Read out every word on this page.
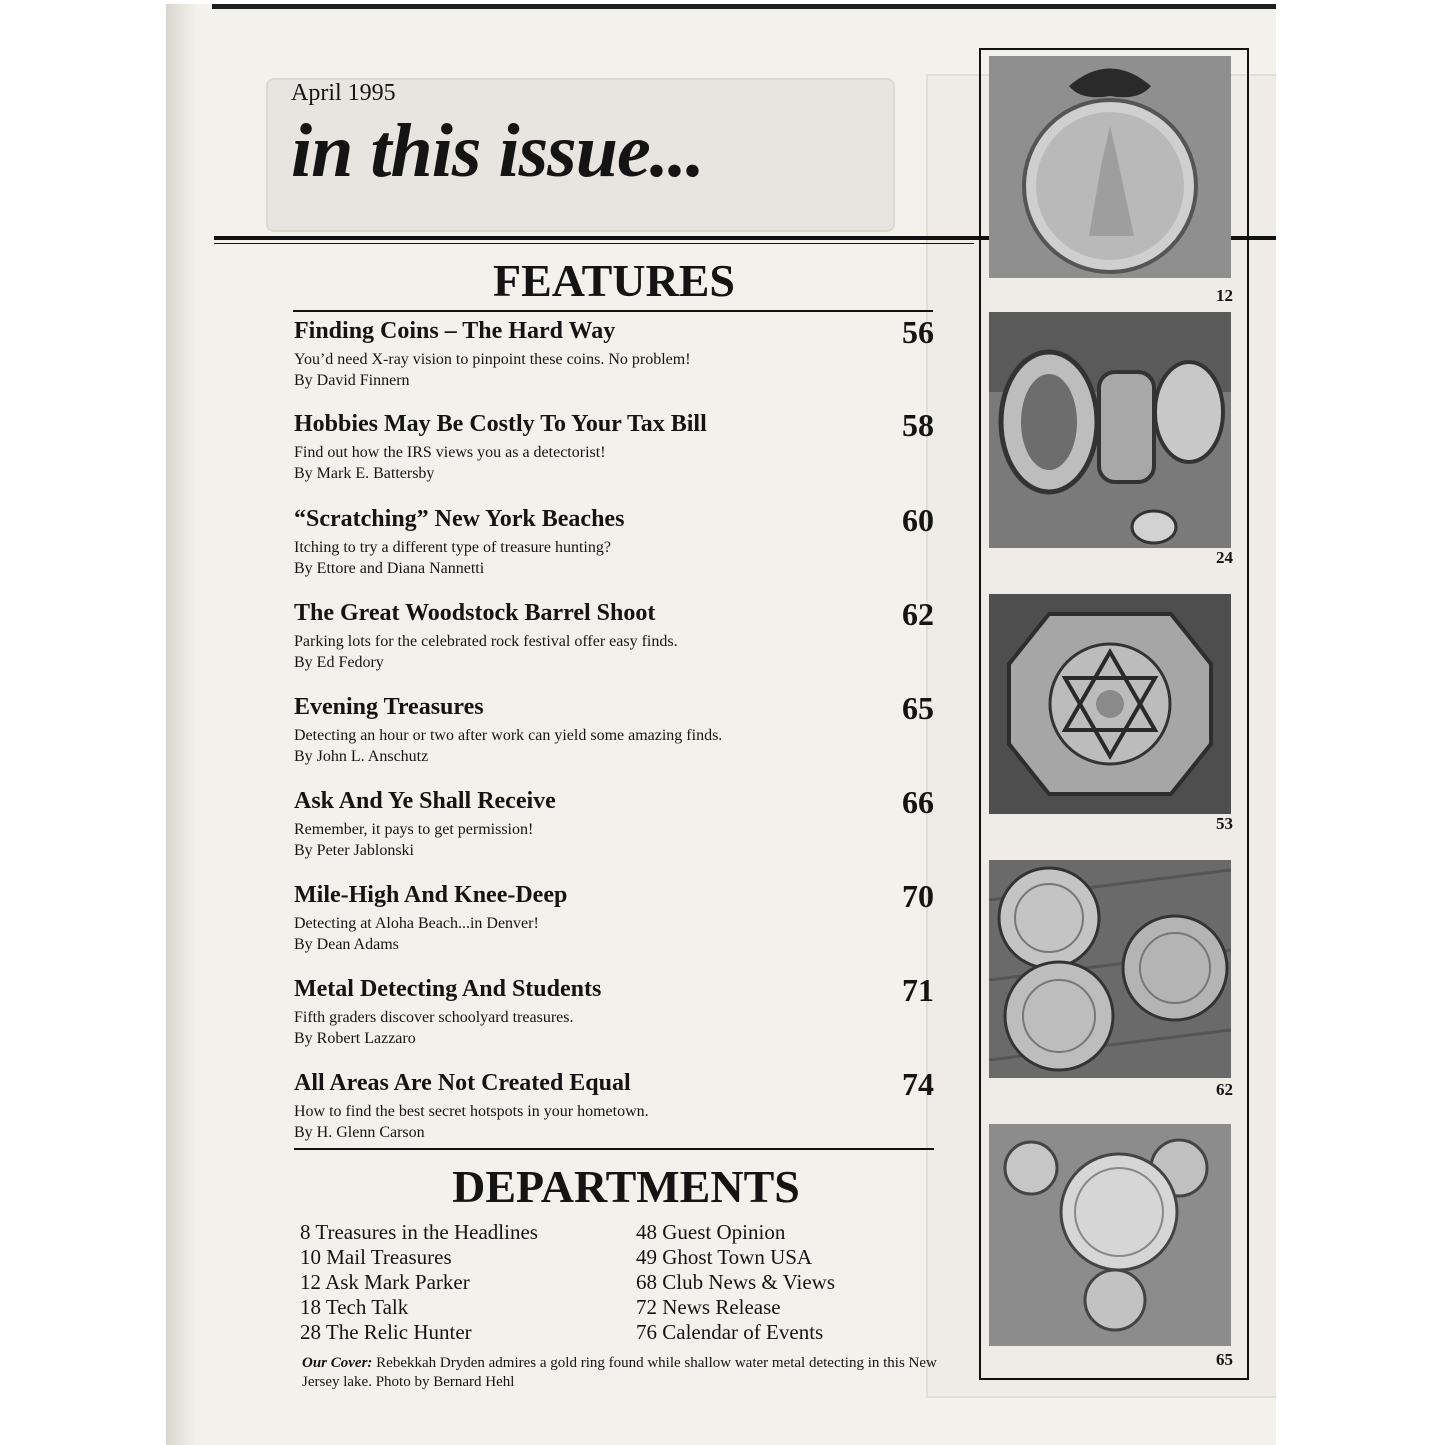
April 1995
in this issue...
FEATURES
Finding Coins – The Hard Way	56
You’d need X-ray vision to pinpoint these coins. No problem!
By David Finnern
Hobbies May Be Costly To Your Tax Bill	58
Find out how the IRS views you as a detectorist!
By Mark E. Battersby
“Scratching” New York Beaches	60
Itching to try a different type of treasure hunting?
By Ettore and Diana Nannetti
The Great Woodstock Barrel Shoot	62
Parking lots for the celebrated rock festival offer easy finds.
By Ed Fedory
Evening Treasures	65
Detecting an hour or two after work can yield some amazing finds.
By John L. Anschutz
Ask And Ye Shall Receive	66
Remember, it pays to get permission!
By Peter Jablonski
Mile-High And Knee-Deep	70
Detecting at Aloha Beach...in Denver!
By Dean Adams
Metal Detecting And Students	71
Fifth graders discover schoolyard treasures.
By Robert Lazzaro
All Areas Are Not Created Equal	74
How to find the best secret hotspots in your hometown.
By H. Glenn Carson
DEPARTMENTS
8 Treasures in the Headlines
10 Mail Treasures
12 Ask Mark Parker
18 Tech Talk
28 The Relic Hunter
48 Guest Opinion
49 Ghost Town USA
68 Club News & Views
72 News Release
76 Calendar of Events
Our Cover: Rebekkah Dryden admires a gold ring found while shallow water metal detecting in this New Jersey lake. Photo by Bernard Hehl
12
24
53
62
65
